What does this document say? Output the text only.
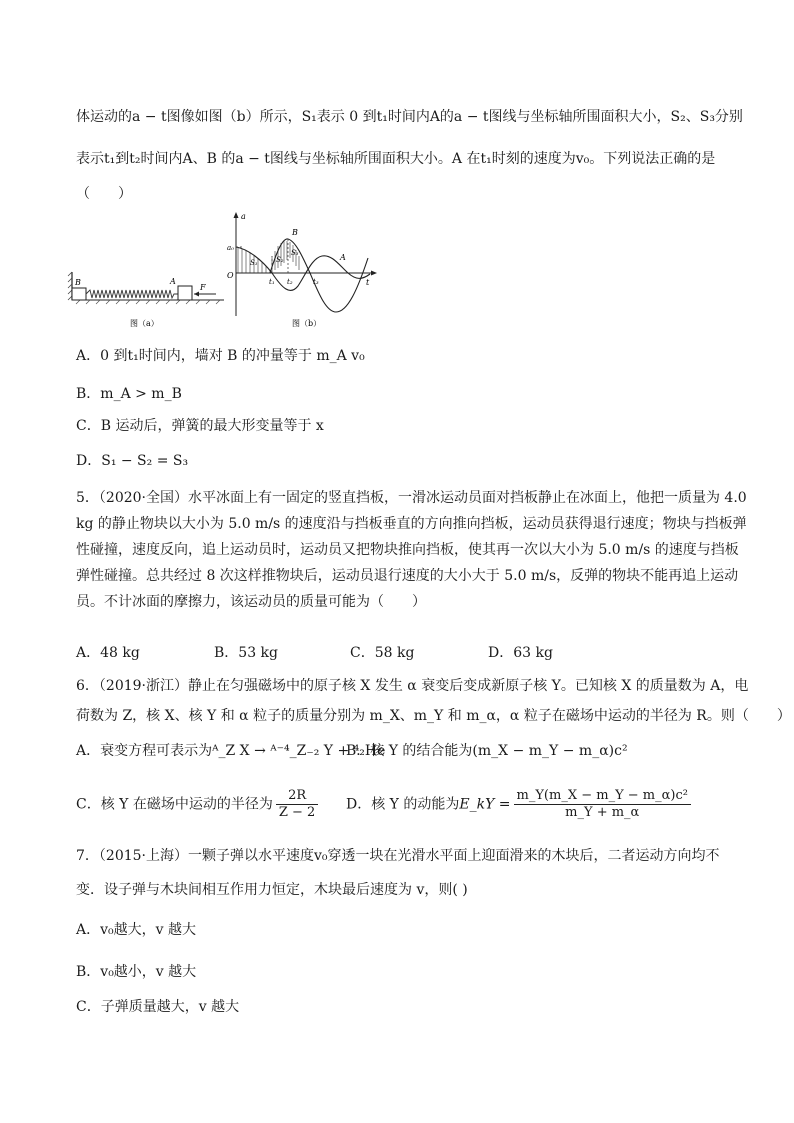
体运动的a − t图像如图（b）所示，S₁表示 0 到t₁时间内A的a − t图线与坐标轴所围面积大小，S₂、S₃分别
表示t₁到t₂时间内A、B 的a − t图线与坐标轴所围面积大小。A 在t₁时刻的速度为v₀。下列说法正确的是
（　　）
B	A
F
图（a）
a
t
a₀
O
S₁	S₂
S₃
t₁ t₂	t₃
B
A
图（b）
A．0 到t₁时间内，墙对 B 的冲量等于 m_A v₀
B．m_A > m_B
C．B 运动后，弹簧的最大形变量等于 x
D．S₁ − S₂ = S₃
5．（2020·全国）水平冰面上有一固定的竖直挡板，一滑冰运动员面对挡板静止在冰面上，他把一质量为 4.0
kg 的静止物块以大小为 5.0 m/s 的速度沿与挡板垂直的方向推向挡板，运动员获得退行速度；物块与挡板弹
性碰撞，速度反向，追上运动员时，运动员又把物块推向挡板，使其再一次以大小为 5.0 m/s 的速度与挡板
弹性碰撞。总共经过 8 次这样推物块后，运动员退行速度的大小大于 5.0 m/s，反弹的物块不能再追上运动
员。不计冰面的摩擦力，该运动员的质量可能为（　　）
A．48 kg	B．53 kg	C．58 kg	D．63 kg
6．（2019·浙江）静止在匀强磁场中的原子核 X 发生 α 衰变后变成新原子核 Y。已知核 X 的质量数为 A，电
荷数为 Z，核 X、核 Y 和 α 粒子的质量分别为 m_X、m_Y 和 m_α，α 粒子在磁场中运动的半径为 R。则（　　）
A．衰变方程可表示为ᴬ_Z X → ᴬ⁻⁴_Z₋₂ Y + ⁴₂He
B．核 Y 的结合能为(m_X − m_Y − m_α)c²
C．核 Y 在磁场中运动的半径为 $\frac{2R}{Z - 2}$ D．核 Y 的动能为E_kY = $\frac{\text{m\_Y(m\_X − m\_Y − m\_α)c²}}{m\_Y + m\_\alpha}$
7．（2015·上海）一颗子弹以水平速度v₀穿透一块在光滑水平面上迎面滑来的木块后，二者运动方向均不
变．设子弹与木块间相互作用力恒定，木块最后速度为 v，则( )
A．v₀越大，v 越大
B．v₀越小，v 越大
C．子弹质量越大，v 越大
